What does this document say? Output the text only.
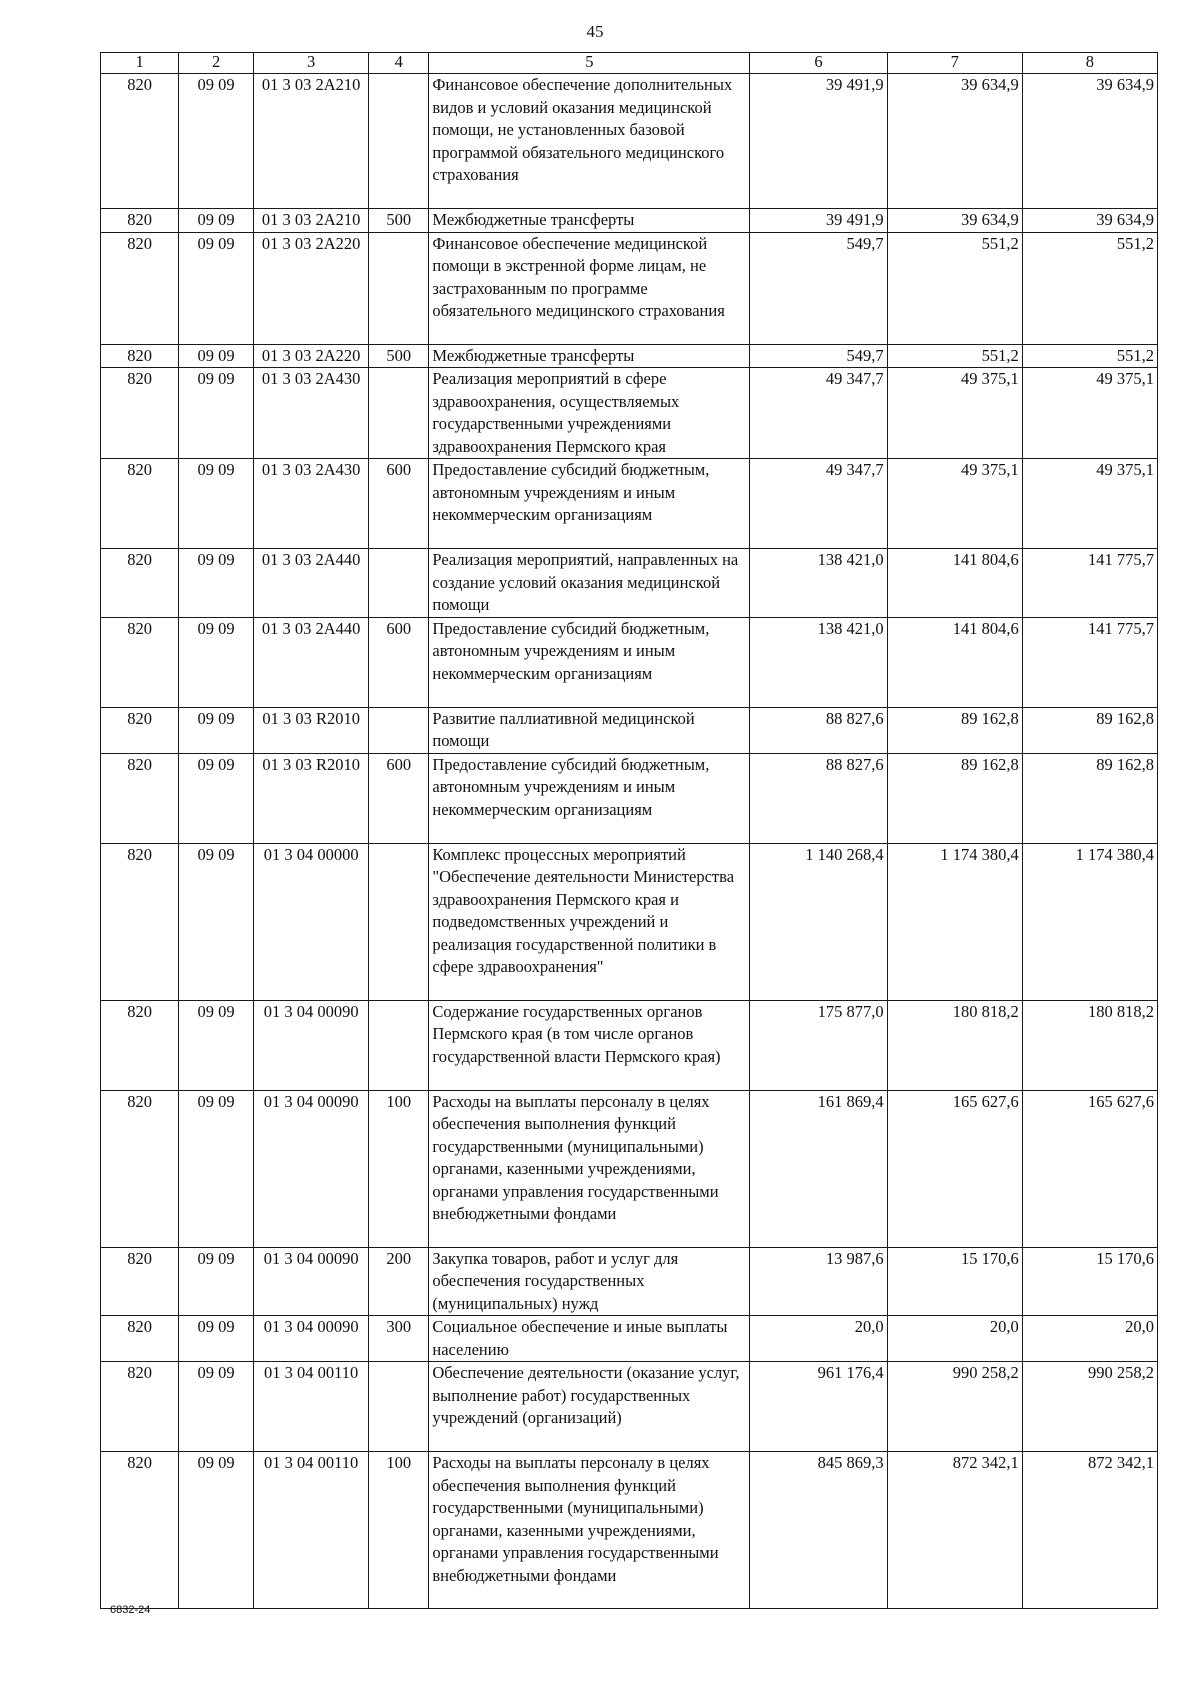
45
1	2	3	4	5	6	7	8
820	09 09	01 3 03 2A210		Финансовое обеспечение дополнительных видов и условий оказания медицинской помощи, не установленных базовой программой обязательного медицинского страхования	39 491,9	39 634,9	39 634,9
820	09 09	01 3 03 2A210	500	Межбюджетные трансферты	39 491,9	39 634,9	39 634,9
820	09 09	01 3 03 2A220		Финансовое обеспечение медицинской помощи в экстренной форме лицам, не застрахованным по программе обязательного медицинского страхования	549,7	551,2	551,2
820	09 09	01 3 03 2A220	500	Межбюджетные трансферты	549,7	551,2	551,2
820	09 09	01 3 03 2A430		Реализация мероприятий в сфере здравоохранения, осуществляемых государственными учреждениями здравоохранения Пермского края	49 347,7	49 375,1	49 375,1
820	09 09	01 3 03 2A430	600	Предоставление субсидий бюджетным, автономным учреждениям и иным некоммерческим организациям	49 347,7	49 375,1	49 375,1
820	09 09	01 3 03 2A440		Реализация мероприятий, направленных на создание условий оказания медицинской помощи	138 421,0	141 804,6	141 775,7
820	09 09	01 3 03 2A440	600	Предоставление субсидий бюджетным, автономным учреждениям и иным некоммерческим организациям	138 421,0	141 804,6	141 775,7
820	09 09	01 3 03 R2010		Развитие паллиативной медицинской помощи	88 827,6	89 162,8	89 162,8
820	09 09	01 3 03 R2010	600	Предоставление субсидий бюджетным, автономным учреждениям и иным некоммерческим организациям	88 827,6	89 162,8	89 162,8
820	09 09	01 3 04 00000		Комплекс процессных мероприятий "Обеспечение деятельности Министерства здравоохранения Пермского края и подведомственных учреждений и реализация государственной политики в сфере здравоохранения"	1 140 268,4	1 174 380,4	1 174 380,4
820	09 09	01 3 04 00090		Содержание государственных органов Пермского края (в том числе органов государственной власти Пермского края)	175 877,0	180 818,2	180 818,2
820	09 09	01 3 04 00090	100	Расходы на выплаты персоналу в целях обеспечения выполнения функций государственными (муниципальными) органами, казенными учреждениями, органами управления государственными внебюджетными фондами	161 869,4	165 627,6	165 627,6
820	09 09	01 3 04 00090	200	Закупка товаров, работ и услуг для обеспечения государственных (муниципальных) нужд	13 987,6	15 170,6	15 170,6
820	09 09	01 3 04 00090	300	Социальное обеспечение и иные выплаты населению	20,0	20,0	20,0
820	09 09	01 3 04 00110		Обеспечение деятельности (оказание услуг, выполнение работ) государственных учреждений (организаций)	961 176,4	990 258,2	990 258,2
820	09 09	01 3 04 00110	100	Расходы на выплаты персоналу в целях обеспечения выполнения функций государственными (муниципальными) органами, казенными учреждениями, органами управления государственными внебюджетными фондами	845 869,3	872 342,1	872 342,1
6832-24
